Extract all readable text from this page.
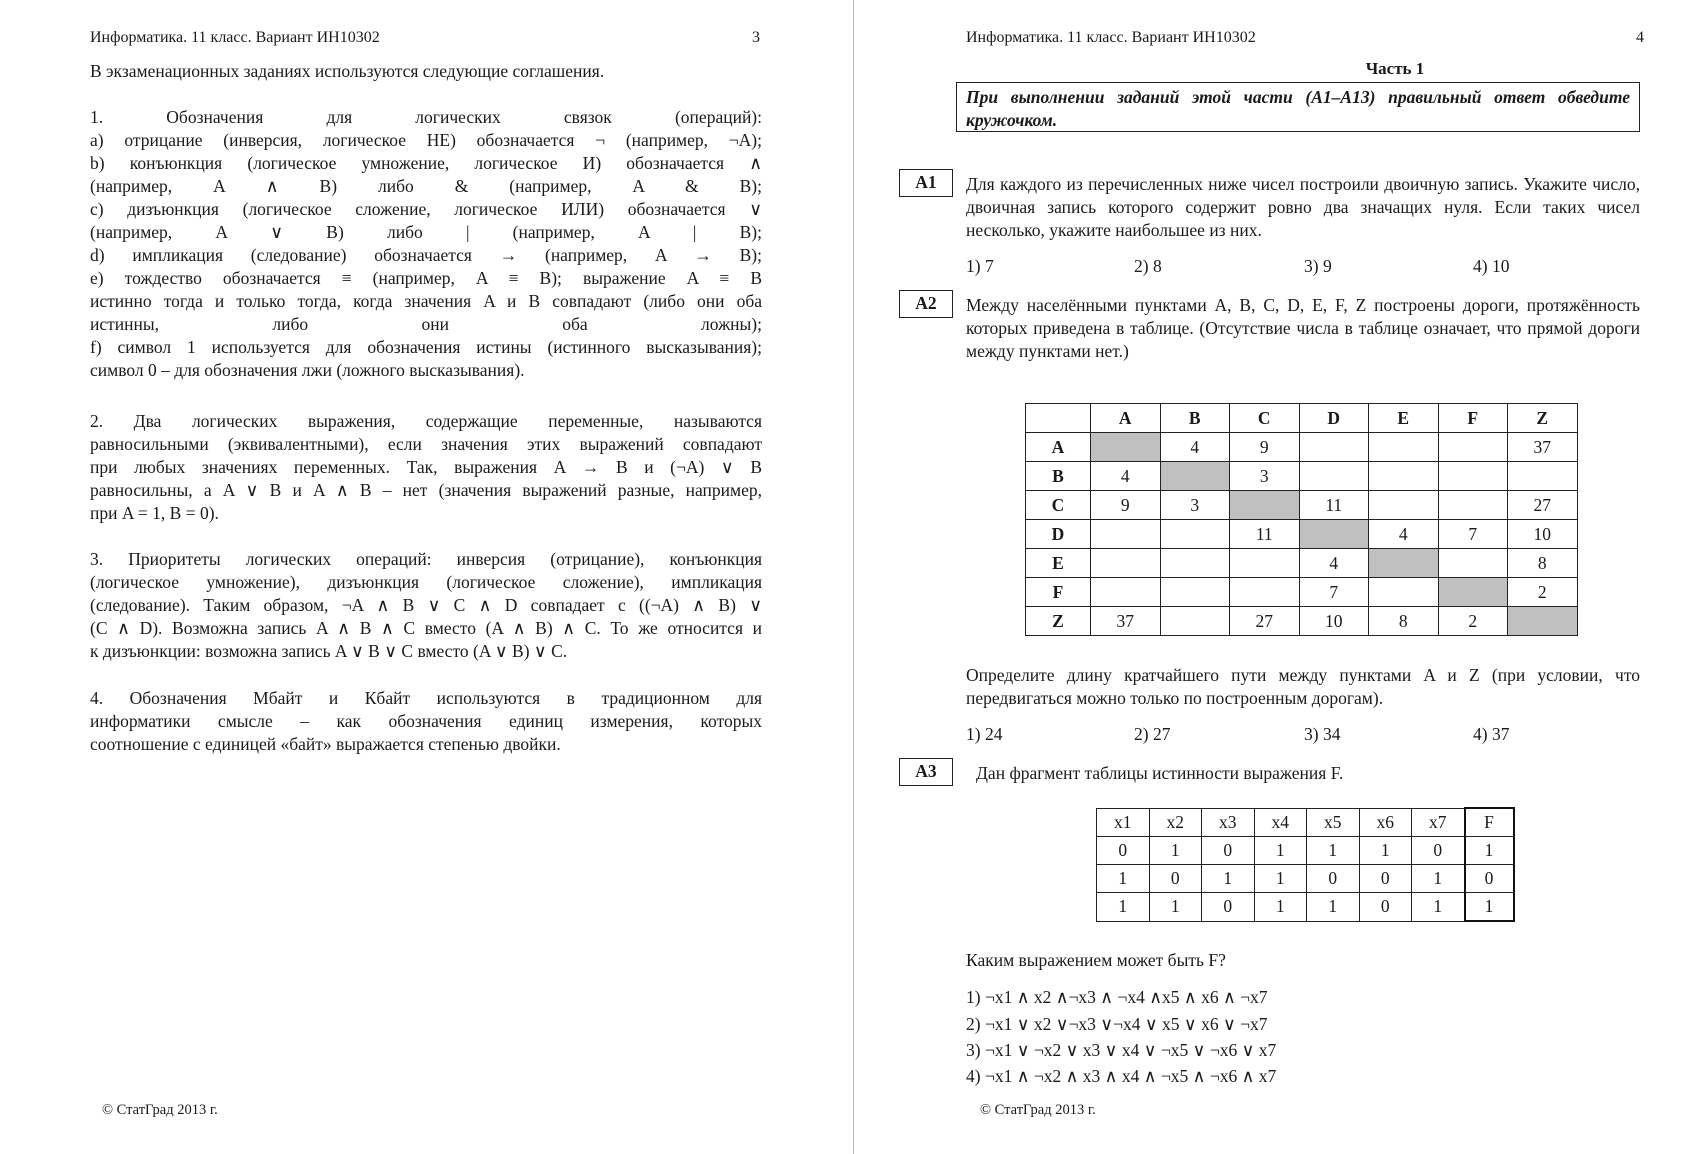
Информатика. 11 класс. Вариант ИН10302	3
В экзаменационных заданиях используются следующие соглашения.
1. Обозначения для логических связок (операций):
a) отрицание (инверсия, логическое НЕ) обозначается ¬ (например, ¬A);
b) конъюнкция (логическое умножение, логическое И) обозначается ∧
(например, A ∧ B) либо & (например, A & B);
c) дизъюнкция (логическое сложение, логическое ИЛИ) обозначается ∨
(например, A ∨ B) либо | (например, A | B);
d) импликация (следование) обозначается → (например, A → B);
e) тождество обозначается ≡ (например, A ≡ B); выражение A ≡ B
истинно тогда и только тогда, когда значения A и B совпадают (либо они оба
истинны, либо они оба ложны);
f) символ 1 используется для обозначения истины (истинного высказывания);
символ 0 – для обозначения лжи (ложного высказывания).
2. Два логических выражения, содержащие переменные, называются
равносильными (эквивалентными), если значения этих выражений совпадают
при любых значениях переменных. Так, выражения A → B и (¬A) ∨ B
равносильны, а A ∨ B и A ∧ B – нет (значения выражений разные, например,
при A = 1, B = 0).
3. Приоритеты логических операций: инверсия (отрицание), конъюнкция
(логическое умножение), дизъюнкция (логическое сложение), импликация
(следование). Таким образом, ¬A ∧ B ∨ C ∧ D совпадает с ((¬A) ∧ B) ∨
(C ∧ D). Возможна запись A ∧ B ∧ C вместо (A ∧ B) ∧ C. То же относится и
к дизъюнкции: возможна запись A ∨ B ∨ C вместо (A ∨ B) ∨ C.
4. Обозначения Мбайт и Кбайт используются в традиционном для
информатики смысле – как обозначения единиц измерения, которых
соотношение с единицей «байт» выражается степенью двойки.
© СтатГрад 2013 г.
Информатика. 11 класс. Вариант ИН10302	4
Часть 1
При выполнении заданий этой части (A1–A13) правильный ответ обведите кружочком.
A1	Для каждого из перечисленных ниже чисел построили двоичную запись. Укажите число, двоичная запись которого содержит ровно два значащих нуля. Если таких чисел несколько, укажите наибольшее из них.
1) 7	2) 8	3) 9	4) 10
A2	Между населёнными пунктами A, B, C, D, E, F, Z построены дороги, протяжённость которых приведена в таблице. (Отсутствие числа в таблице означает, что прямой дороги между пунктами нет.)
	A	B	C	D	E	F	Z
A		4	9				37
B	4		3				
C	9	3		11			27
D			11		4	7	10
E				4			8
F				7			2
Z	37		27	10	8	2	
Определите длину кратчайшего пути между пунктами A и Z (при условии, что передвигаться можно только по построенным дорогам).
1) 24	2) 27	3) 34	4) 37
A3	Дан фрагмент таблицы истинности выражения F.
x1	x2	x3	x4	x5	x6	x7	F
0	1	0	1	1	1	0	1
1	0	1	1	0	0	1	0
1	1	0	1	1	0	1	1
Каким выражением может быть F?
1) ¬x1 ∧ x2 ∧¬x3 ∧ ¬x4 ∧x5 ∧ x6 ∧ ¬x7
2) ¬x1 ∨ x2 ∨¬x3 ∨¬x4 ∨ x5 ∨ x6 ∨ ¬x7
3) ¬x1 ∨ ¬x2 ∨ x3 ∨ x4 ∨ ¬x5 ∨ ¬x6 ∨ x7
4) ¬x1 ∧ ¬x2 ∧ x3 ∧ x4 ∧ ¬x5 ∧ ¬x6 ∧ x7
© СтатГрад 2013 г.
